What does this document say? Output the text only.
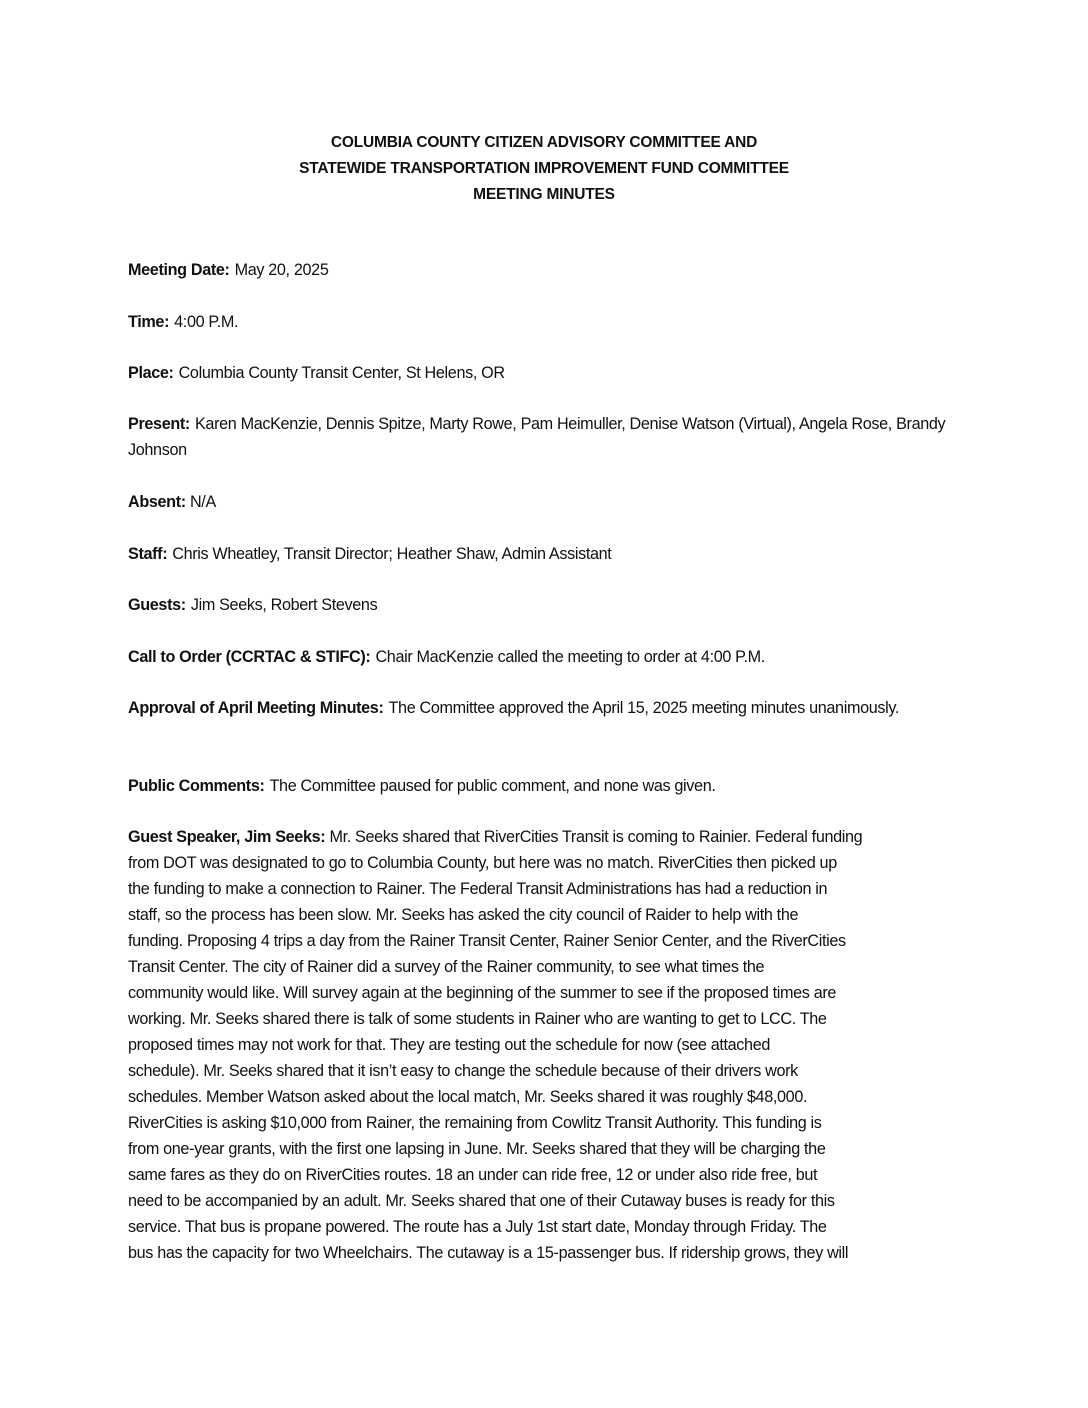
COLUMBIA COUNTY CITIZEN ADVISORY COMMITTEE AND
STATEWIDE TRANSPORTATION IMPROVEMENT FUND COMMITTEE
MEETING MINUTES
Meeting Date: May 20, 2025
Time: 4:00 P.M.
Place: Columbia County Transit Center, St Helens, OR
Present: Karen MacKenzie, Dennis Spitze, Marty Rowe, Pam Heimuller, Denise Watson (Virtual), Angela Rose, Brandy Johnson
Absent: N/A
Staff: Chris Wheatley, Transit Director; Heather Shaw, Admin Assistant
Guests: Jim Seeks, Robert Stevens
Call to Order (CCRTAC & STIFC): Chair MacKenzie called the meeting to order at 4:00 P.M.
Approval of April Meeting Minutes: The Committee approved the April 15, 2025 meeting minutes unanimously.
Public Comments: The Committee paused for public comment, and none was given.
Guest Speaker, Jim Seeks: Mr. Seeks shared that RiverCities Transit is coming to Rainier. Federal funding
from DOT was designated to go to Columbia County, but here was no match. RiverCities then picked up
the funding to make a connection to Rainer. The Federal Transit Administrations has had a reduction in
staff, so the process has been slow. Mr. Seeks has asked the city council of Raider to help with the
funding. Proposing 4 trips a day from the Rainer Transit Center, Rainer Senior Center, and the RiverCities
Transit Center. The city of Rainer did a survey of the Rainer community, to see what times the
community would like. Will survey again at the beginning of the summer to see if the proposed times are
working. Mr. Seeks shared there is talk of some students in Rainer who are wanting to get to LCC. The
proposed times may not work for that. They are testing out the schedule for now (see attached
schedule). Mr. Seeks shared that it isn’t easy to change the schedule because of their drivers work
schedules. Member Watson asked about the local match, Mr. Seeks shared it was roughly $48,000.
RiverCities is asking $10,000 from Rainer, the remaining from Cowlitz Transit Authority. This funding is
from one-year grants, with the first one lapsing in June. Mr. Seeks shared that they will be charging the
same fares as they do on RiverCities routes. 18 an under can ride free, 12 or under also ride free, but
need to be accompanied by an adult. Mr. Seeks shared that one of their Cutaway buses is ready for this
service. That bus is propane powered. The route has a July 1st start date, Monday through Friday. The
bus has the capacity for two Wheelchairs. The cutaway is a 15-passenger bus. If ridership grows, they will
